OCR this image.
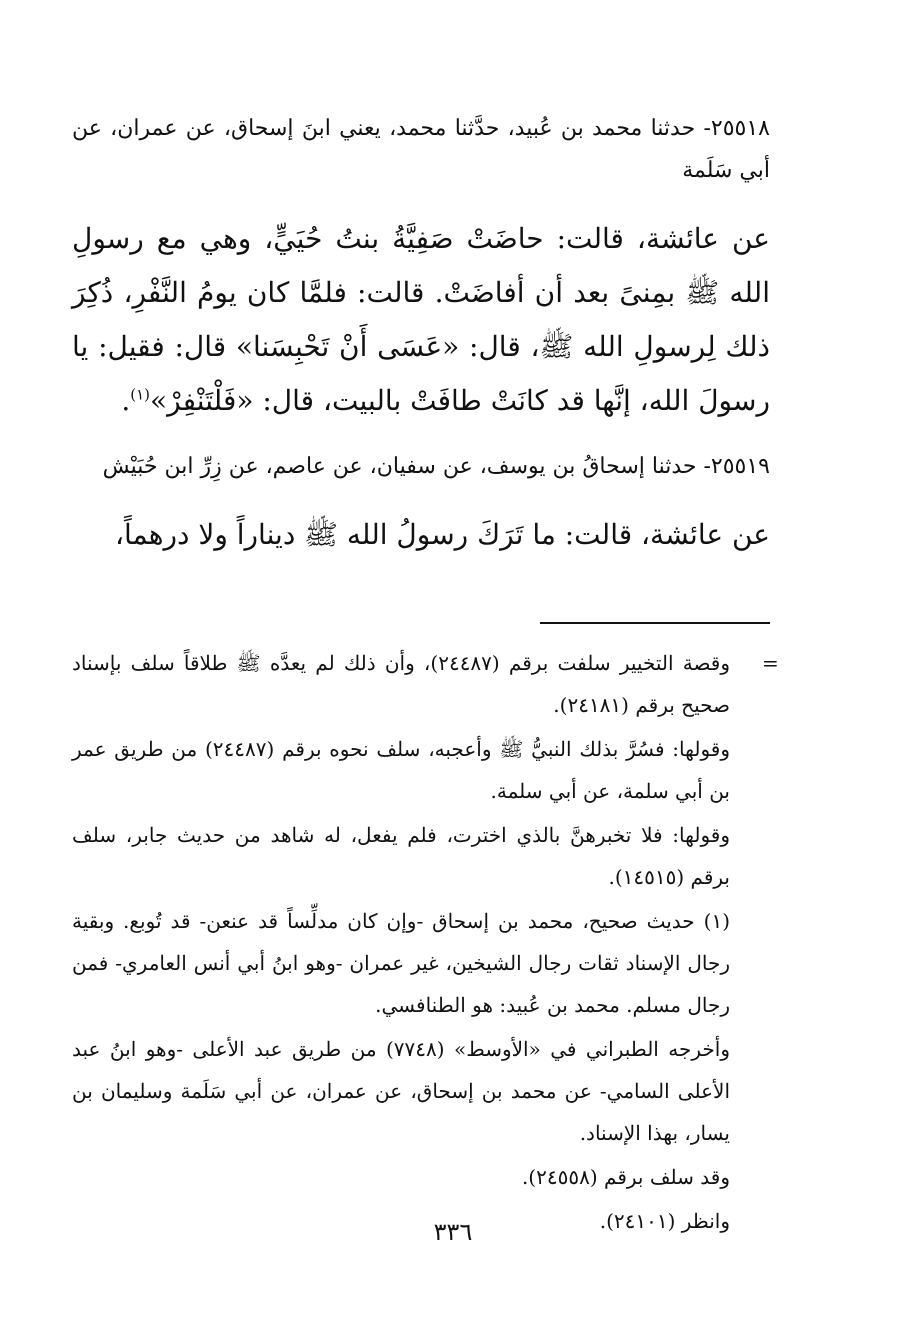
٢٥٥١٨- حدثنا محمد بن عُبيد، حدَّثنا محمد، يعني ابنَ إسحاق، عن عمران، عن أبي سَلَمة

عن عائشة، قالت: حاضَتْ صَفِيَّةُ بنتُ حُيَيٍّ، وهي مع رسولِ الله ﷺ بمِنىً بعد أن أفاضَتْ. قالت: فلمَّا كان يومُ النَّفْرِ، ذُكِرَ ذلك لِرسولِ الله ﷺ، قال: «عَسَى أَنْ تَحْبِسَنا» قال: فقيل: يا رسولَ الله، إنَّها قد كانَتْ طافَتْ بالبيت، قال: «فَلْتَنْفِرْ»$^{(١)}$.

٢٥٥١٩- حدثنا إسحاقُ بن يوسف، عن سفيان، عن عاصم، عن زِرِّ ابن حُبَيْش

عن عائشة، قالت: ما تَرَكَ رسولُ الله ﷺ ديناراً ولا درهماً،

=

وقصة التخيير سلفت برقم (٢٤٤٨٧)، وأن ذلك لم يعدَّه ﷺ طلاقاً سلف بإسناد صحيح برقم (٢٤١٨١).

وقولها: فسُرَّ بذلك النبيُّ ﷺ وأعجبه، سلف نحوه برقم (٢٤٤٨٧) من طريق عمر بن أبي سلمة، عن أبي سلمة.

وقولها: فلا تخبرهنَّ بالذي اخترت، فلم يفعل، له شاهد من حديث جابر، سلف برقم (١٤٥١٥).

(١) حديث صحيح، محمد بن إسحاق -وإن كان مدلِّساً قد عنعن- قد تُوبع. وبقية رجال الإسناد ثقات رجال الشيخين، غير عمران -وهو ابنُ أبي أنس العامري- فمن رجال مسلم. محمد بن عُبيد: هو الطنافسي.

وأخرجه الطبراني في «الأوسط» (٧٧٤٨) من طريق عبد الأعلى -وهو ابنُ عبد الأعلى السامي- عن محمد بن إسحاق، عن عمران، عن أبي سَلَمة وسليمان بن يسار، بهذا الإسناد.

وقد سلف برقم (٢٤٥٥٨).

وانظر (٢٤١٠١).

٣٣٦
